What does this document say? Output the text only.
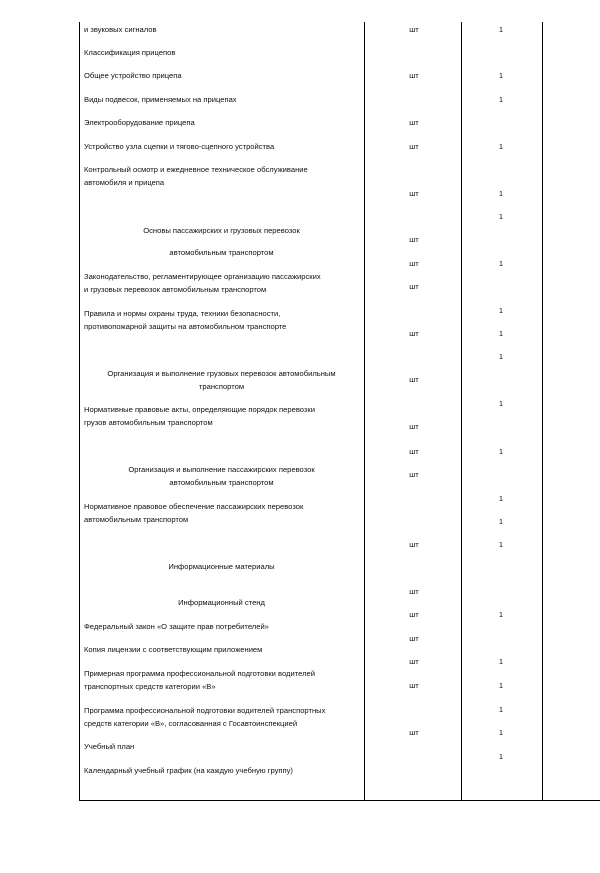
и звуковых сигналов
Классификация прицепов
Общее устройство прицепа
Виды подвесок, применяемых на прицепах
Электрооборудование прицепа
Устройство узла сцепки и тягово-сцепного устройства
Контрольный осмотр и ежедневное техническое обслуживание
автомобиля и прицепа
Основы пассажирских и грузовых перевозок
автомобильным транспортом
Законодательство, регламентирующее организацию пассажирских
и грузовых перевозок автомобильным транспортом
Правила и нормы охраны труда, техники безопасности,
противопожарной защиты на автомобильном транспорте
Организация и выполнение грузовых перевозок автомобильным
транспортом
Нормативные правовые акты, определяющие порядок перевозки
грузов автомобильным транспортом
Организация и выполнение пассажирских перевозок
автомобильным транспортом
Нормативное правовое обеспечение пассажирских перевозок
автомобильным транспортом
Информационные материалы
Информационный стенд
Федеральный закон «О защите прав потребителей»
Копия лицензии с соответствующим приложением
Примерная программа профессиональной подготовки водителей
транспортных средств категории «В»
Программа профессиональной подготовки водителей транспортных
средств категории «В», согласованная с Госавтоинспекцией
Учебный план
Календарный учебный график (на каждую учебную группу)
шт
шт
шт
шт
шт
шт
шт
шт
шт
шт
шт
шт
шт
шт
шт
шт
шт
шт
шт
шт
1
1
1
1
1
1
1
1
1
1
1
1
1
1
1
1
1
1
1
1
1
